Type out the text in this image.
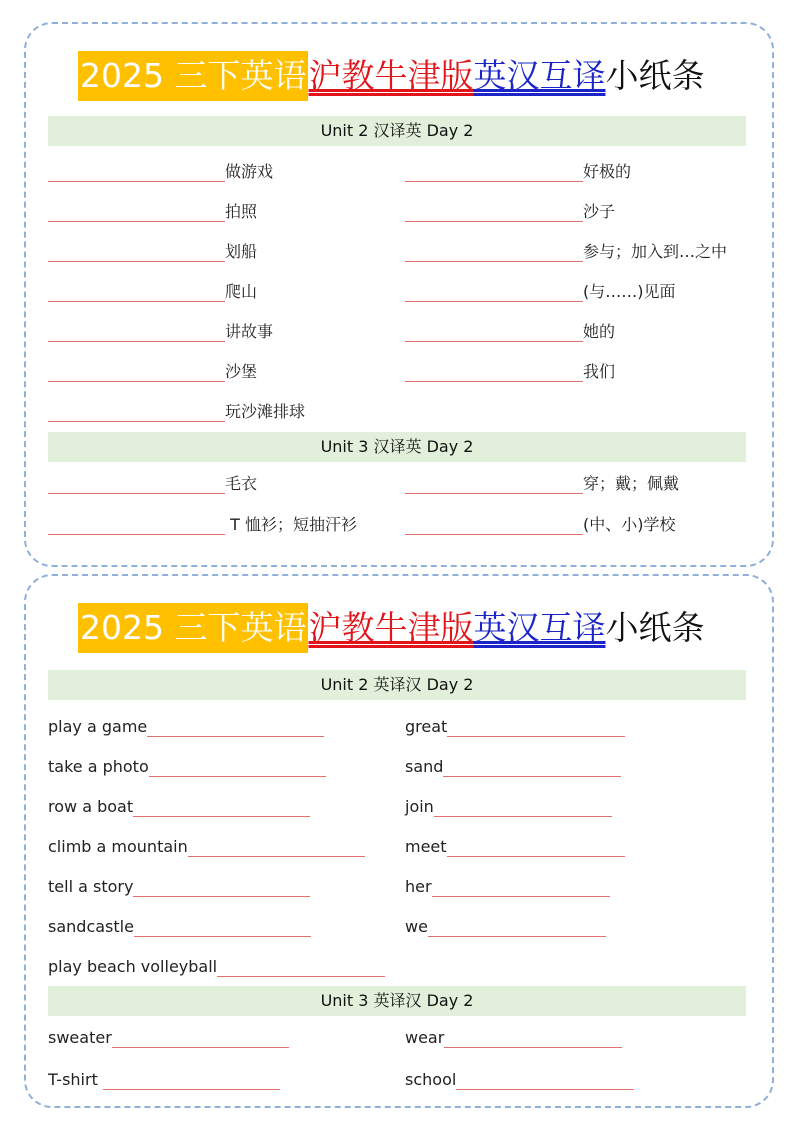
2025 三下英语沪教牛津版英汉互译小纸条
Unit 2 汉译英 Day 2
做游戏
拍照
划船
爬山
讲故事
沙堡
玩沙滩排球
好极的
沙子
参与；加入到…之中
(与……)见面
她的
我们
Unit 3 汉译英 Day 2
毛衣
T 恤衫；短抽汗衫
穿；戴；佩戴
(中、小)学校
2025 三下英语沪教牛津版英汉互译小纸条
Unit 2 英译汉 Day 2
play a game
take a photo
row a boat
climb a mountain
tell a story
sandcastle
play beach volleyball
great
sand
join
meet
her
we
Unit 3 英译汉 Day 2
sweater
T-shirt
wear
school
